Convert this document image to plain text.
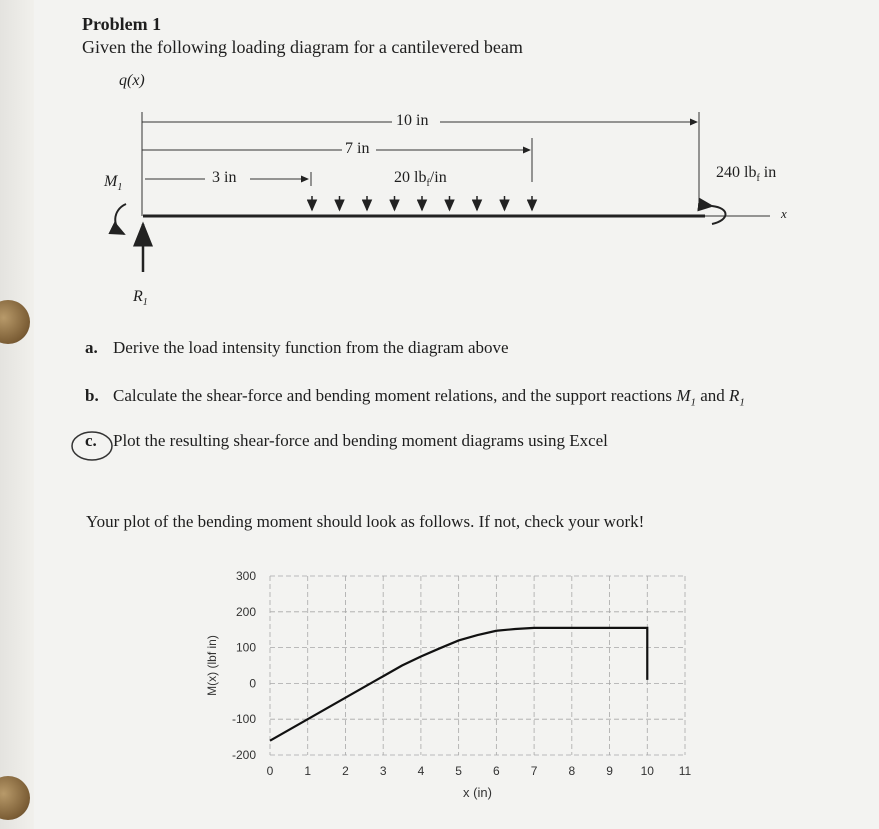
Problem 1
Given the following loading diagram for a cantilevered beam
q(x)
10 in
7 in
3 in	20 $lb_f/in$	240 $lb_f$ in
$M_1$
$R_1$
x
a. Derive the load intensity function from the diagram above
b. Calculate the shear-force and bending moment relations, and the support reactions $M_1$ and $R_1$
c. Plot the resulting shear-force and bending moment diagrams using Excel
Your plot of the bending moment should look as follows. If not, check your work!
300
200
100
0
-100
-200
0	1	2	3	4	5	6	7	8	9 10 11
x (in)
M(x) (lbf in)
